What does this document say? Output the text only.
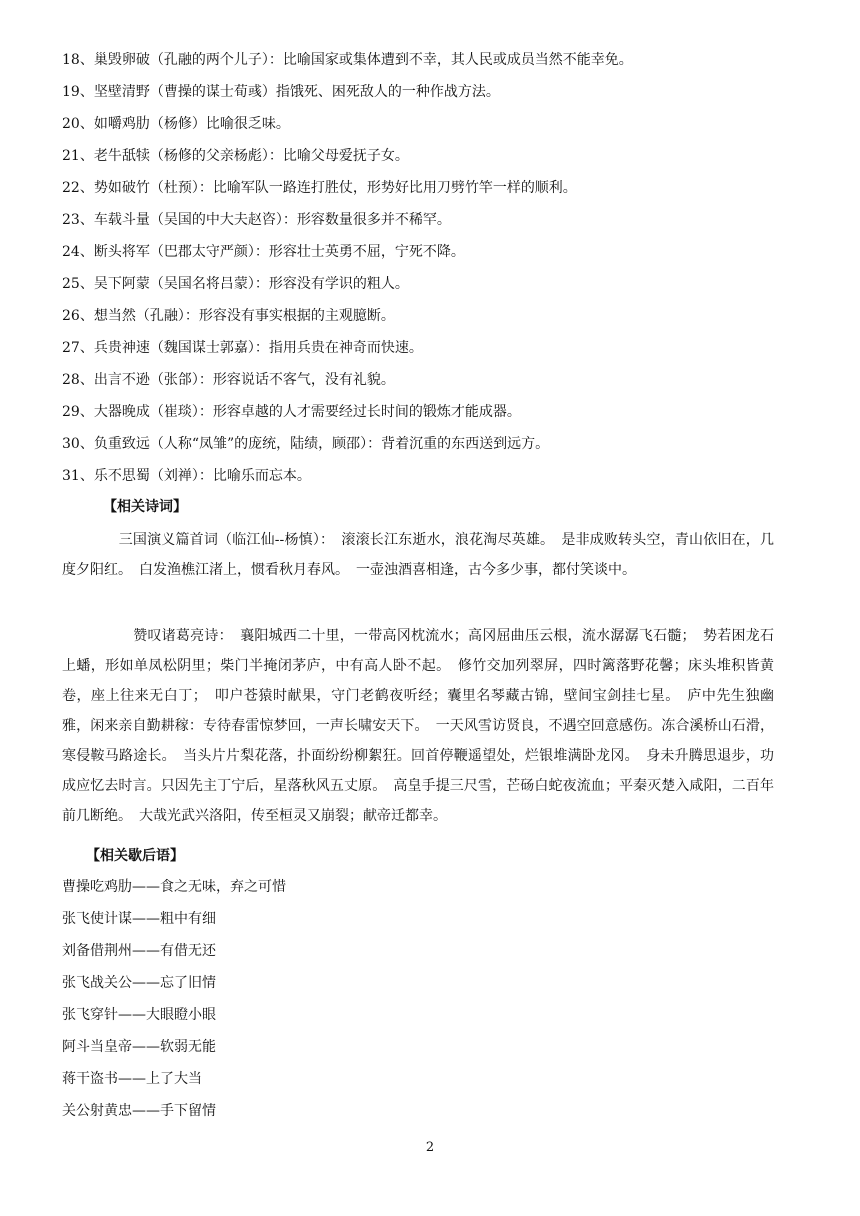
18、巢毁卵破（孔融的两个儿子）：比喻国家或集体遭到不幸，其人民或成员当然不能幸免。

19、坚壁清野（曹操的谋士荀彧）指饿死、困死敌人的一种作战方法。

20、如嚼鸡肋（杨修）比喻很乏味。

21、老牛舐犊（杨修的父亲杨彪）：比喻父母爱抚子女。

22、势如破竹（杜预）：比喻军队一路连打胜仗，形势好比用刀劈竹竿一样的顺利。

23、车载斗量（吴国的中大夫赵咨）：形容数量很多并不稀罕。

24、断头将军（巴郡太守严颜）：形容壮士英勇不屈，宁死不降。

25、吴下阿蒙（吴国名将吕蒙）：形容没有学识的粗人。

26、想当然（孔融）：形容没有事实根据的主观臆断。

27、兵贵神速（魏国谋士郭嘉）：指用兵贵在神奇而快速。

28、出言不逊（张郃）：形容说话不客气，没有礼貌。

29、大器晚成（崔琰）：形容卓越的人才需要经过长时间的锻炼才能成器。

30、负重致远（人称“凤雏”的庞统，陆绩，顾邵）：背着沉重的东西送到远方。

31、乐不思蜀（刘禅）：比喻乐而忘本。

【相关诗词】

　　　　三国演义篇首词（临江仙--杨慎）：　滚滚长江东逝水，浪花淘尽英雄。　是非成败转头空，青山依旧在，几度夕阳红。　白发渔樵江渚上，惯看秋月春风。　一壶浊酒喜相逢，古今多少事，都付笑谈中。

　　　　　赞叹诸葛亮诗：　襄阳城西二十里，一带高冈枕流水；高冈屈曲压云根，流水潺潺飞石髓；　势若困龙石上蟠，形如单凤松阴里；柴门半掩闭茅庐，中有高人卧不起。　修竹交加列翠屏，四时篱落野花馨；床头堆积皆黄卷，座上往来无白丁；　叩户苍猿时献果，守门老鹤夜听经；囊里名琴藏古锦，壁间宝剑挂七星。　庐中先生独幽雅，闲来亲自勤耕稼：专待春雷惊梦回，一声长啸安天下。　一天风雪访贤良，不遇空回意感伤。冻合溪桥山石滑，寒侵鞍马路途长。　当头片片梨花落，扑面纷纷柳絮狂。回首停鞭遥望处，烂银堆满卧龙冈。　身未升腾思退步，功成应忆去时言。只因先主丁宁后，星落秋风五丈原。　高皇手提三尺雪，芒砀白蛇夜流血；平秦灭楚入咸阳，二百年前几断绝。　大哉光武兴洛阳，传至桓灵又崩裂；献帝迁都幸。

【相关歇后语】

曹操吃鸡肋——食之无味，弃之可惜

张飞使计谋——粗中有细

刘备借荆州——有借无还

张飞战关公——忘了旧情

张飞穿针——大眼瞪小眼

阿斗当皇帝——软弱无能

蒋干盗书——上了大当

关公射黄忠——手下留情

2
